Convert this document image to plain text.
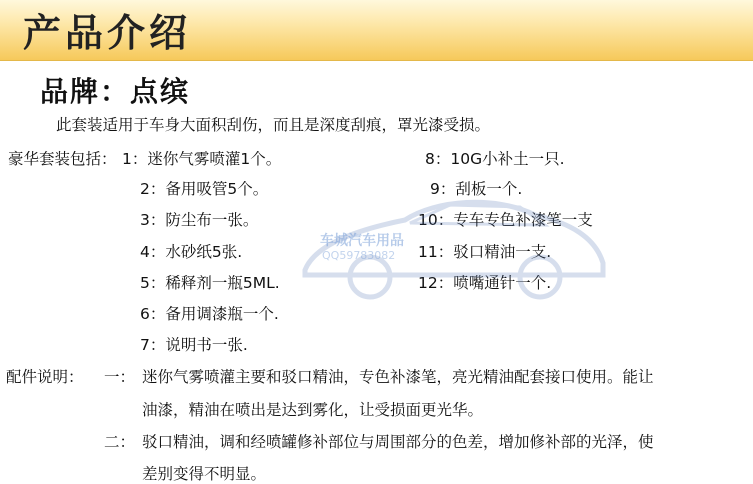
产品介绍
品牌：点缤
此套装适用于车身大面积刮伤，而且是深度刮痕，罩光漆受损。
豪华套装包括： 1：迷你气雾喷灌1个。
2：备用吸管5个。
3：防尘布一张。
4：水砂纸5张.
5：稀释剂一瓶5ML.
6：备用调漆瓶一个.
7：说明书一张.
8：10G小补土一只.
9：刮板一个.
10：专车专色补漆笔一支
11：驳口精油一支.
12：喷嘴通针一个.
车城汽车用品
QQ59783082
配件说明： 一： 迷你气雾喷灌主要和驳口精油，专色补漆笔，亮光精油配套接口使用。能让
油漆，精油在喷出是达到雾化，让受损面更光华。
二： 驳口精油，调和经喷罐修补部位与周围部分的色差，增加修补部的光泽，使
差别变得不明显。
